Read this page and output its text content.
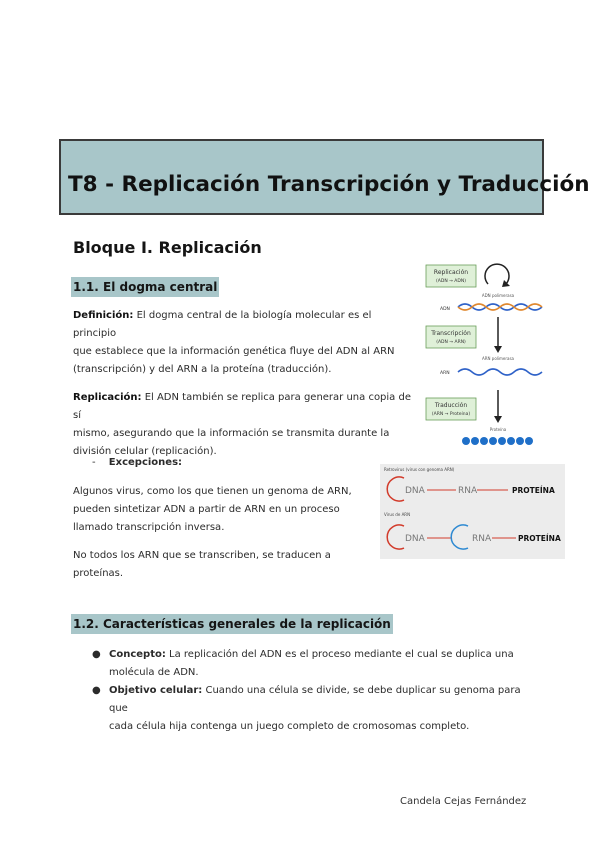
T8 - Replicación Transcripción y Traducción
Bloque I. Replicación
1.1. El dogma central

Definición: El dogma central de la biología molecular es el principio
que establece que la información genética fluye del ADN al ARN
(transcripción) y del ARN a la proteína (traducción).

Replicación: El ADN también se replica para generar una copia de sí
mismo, asegurando que la información se transmita durante la
división celular (replicación).

- Excepciones:

Algunos virus, como los que tienen un genoma de ARN,
pueden sintetizar ADN a partir de ARN en un proceso
llamado transcripción inversa.

No todos los ARN que se transcriben, se traducen a
proteínas.

Replicación
(ADN → ADN)
ADN polimerasa
ADN
Transcripción
(ADN → ARN)
ARN polimerasa
ARN
Traducción
(ARN → Proteína)
Proteína
Retrovirus (virus con genoma ARN)
DNA	RNA	PROTEÍNA
Virus de ARN
DNA	RNA	PROTEÍNA
1.2. Características generales de la replicación
● Concepto: La replicación del ADN es el proceso mediante el cual se duplica una
molécula de ADN.
● Objetivo celular: Cuando una célula se divide, se debe duplicar su genoma para que
cada célula hija contenga un juego completo de cromosomas completo.
Candela Cejas Fernández
